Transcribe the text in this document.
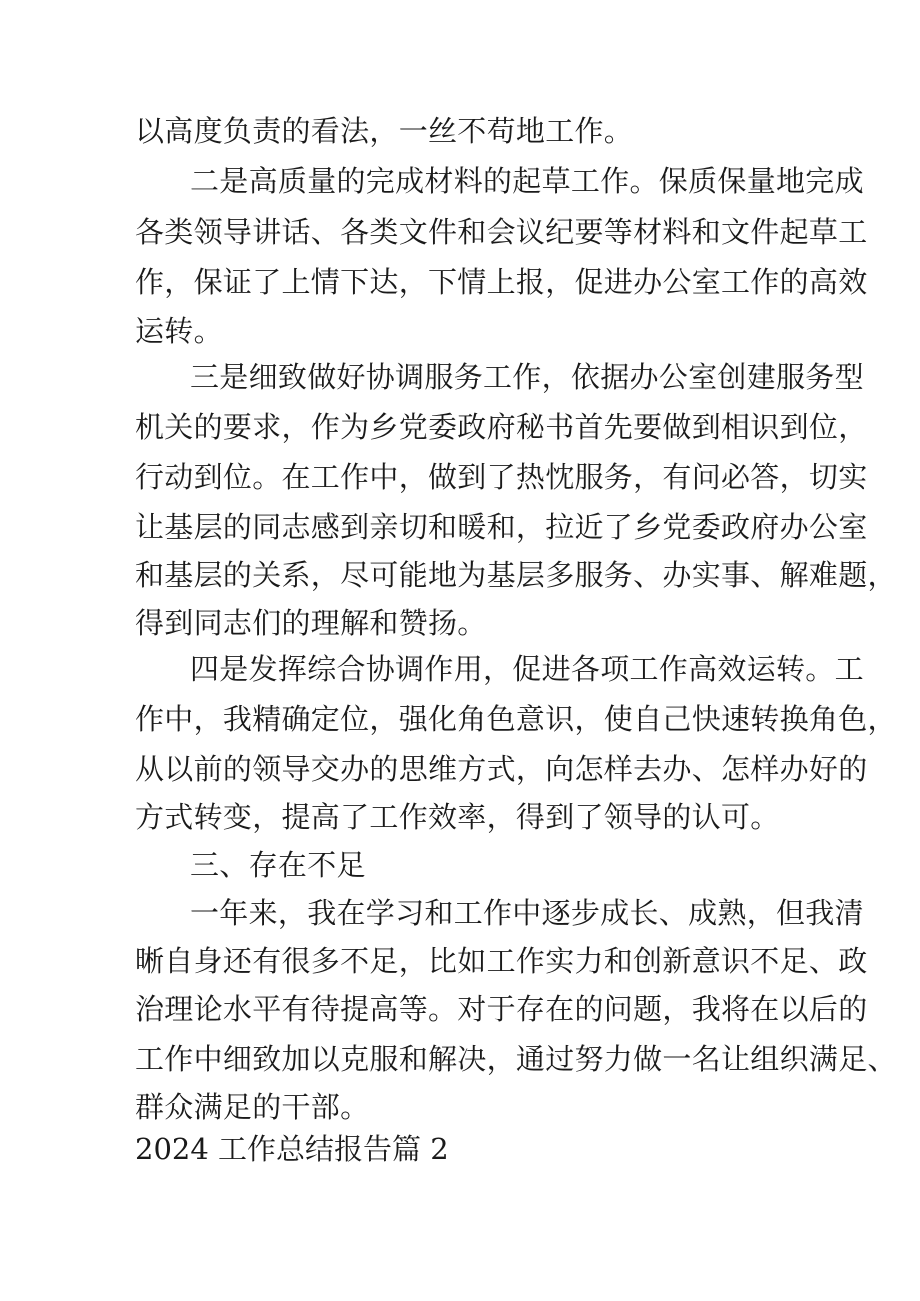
以高度负责的看法，一丝不苟地工作。
二是高质量的完成材料的起草工作。保质保量地完成
各类领导讲话、各类文件和会议纪要等材料和文件起草工
作，保证了上情下达，下情上报，促进办公室工作的高效
运转。
三是细致做好协调服务工作，依据办公室创建服务型
机关的要求，作为乡党委政府秘书首先要做到相识到位，
行动到位。在工作中，做到了热忱服务，有问必答，切实
让基层的同志感到亲切和暖和，拉近了乡党委政府办公室
和基层的关系，尽可能地为基层多服务、办实事、解难题，
得到同志们的理解和赞扬。
四是发挥综合协调作用，促进各项工作高效运转。工
作中，我精确定位，强化角色意识，使自己快速转换角色，
从以前的领导交办的思维方式，向怎样去办、怎样办好的
方式转变，提高了工作效率，得到了领导的认可。
三、存在不足
一年来，我在学习和工作中逐步成长、成熟，但我清
晰自身还有很多不足，比如工作实力和创新意识不足、政
治理论水平有待提高等。对于存在的问题，我将在以后的
工作中细致加以克服和解决，通过努力做一名让组织满足、
群众满足的干部。
2024 工作总结报告篇 2
